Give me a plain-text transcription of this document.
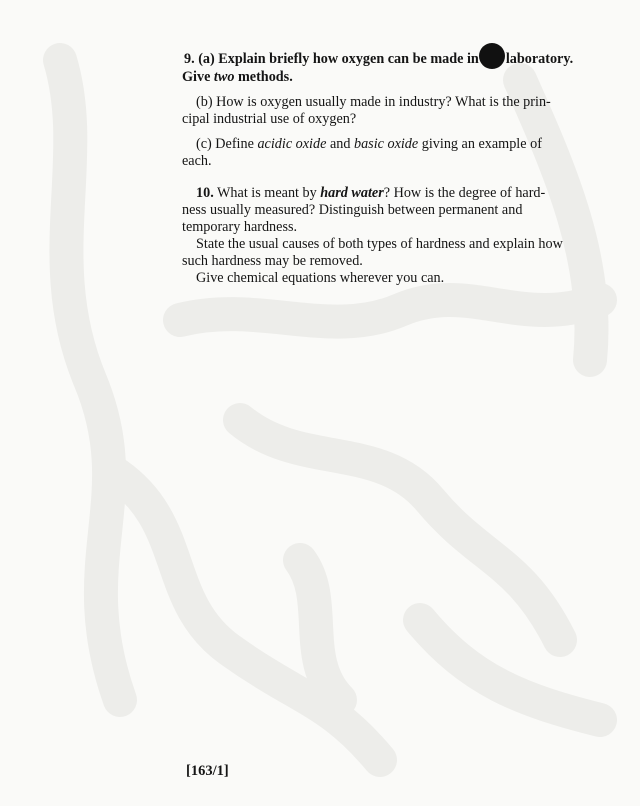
9. (a) Explain briefly how oxygen can be made in laboratory.

Give two methods.

(b) How is oxygen usually made in industry? What is the prin-

cipal industrial use of oxygen?

(c) Define acidic oxide and basic oxide giving an example of

each.

10. What is meant by hard water? How is the degree of hard-

ness usually measured? Distinguish between permanent and

temporary hardness.

State the usual causes of both types of hardness and explain how

such hardness may be removed.

Give chemical equations wherever you can.

[163/1]
